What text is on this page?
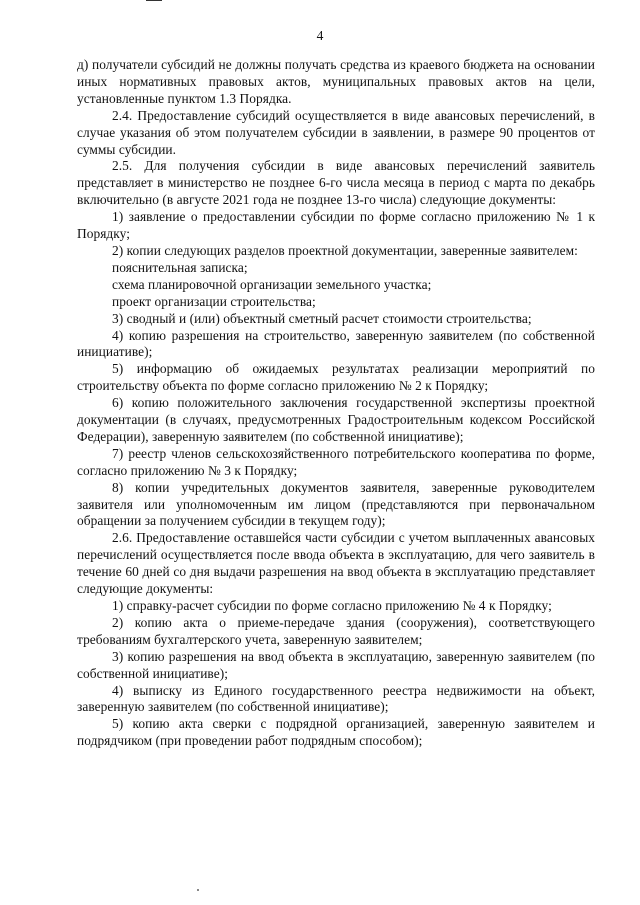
4

д) получатели субсидий не должны получать средства из краевого бюджета на основании иных нормативных правовых актов, муниципальных правовых актов на цели, установленные пунктом 1.3 Порядка.

2.4. Предоставление субсидий осуществляется в виде авансовых перечислений, в случае указания об этом получателем субсидии в заявлении, в размере 90 процентов от суммы субсидии.

2.5. Для получения субсидии в виде авансовых перечислений заявитель представляет в министерство не позднее 6-го числа месяца в период с марта по декабрь включительно (в августе 2021 года не позднее 13-го числа) следующие документы:

1) заявление о предоставлении субсидии по форме согласно приложению № 1 к Порядку;

2) копии следующих разделов проектной документации, заверенные заявителем:

пояснительная записка;

схема планировочной организации земельного участка;

проект организации строительства;

3) сводный и (или) объектный сметный расчет стоимости строительства;

4) копию разрешения на строительство, заверенную заявителем (по собственной инициативе);

5) информацию об ожидаемых результатах реализации мероприятий по строительству объекта по форме согласно приложению № 2 к Порядку;

6) копию положительного заключения государственной экспертизы проектной документации (в случаях, предусмотренных Градостроительным кодексом Российской Федерации), заверенную заявителем (по собственной инициативе);

7) реестр членов сельскохозяйственного потребительского кооператива по форме, согласно приложению № 3 к Порядку;

8) копии учредительных документов заявителя, заверенные руководителем заявителя или уполномоченным им лицом (представляются при первоначальном обращении за получением субсидии в текущем году);

2.6. Предоставление оставшейся части субсидии с учетом выплаченных авансовых перечислений осуществляется после ввода объекта в эксплуатацию, для чего заявитель в течение 60 дней со дня выдачи разрешения на ввод объекта в эксплуатацию представляет следующие документы:

1) справку-расчет субсидии по форме согласно приложению № 4 к Порядку;

2) копию акта о приеме-передаче здания (сооружения), соответствующего требованиям бухгалтерского учета, заверенную заявителем;

3) копию разрешения на ввод объекта в эксплуатацию, заверенную заявителем (по собственной инициативе);

4) выписку из Единого государственного реестра недвижимости на объект, заверенную заявителем (по собственной инициативе);

5) копию акта сверки с подрядной организацией, заверенную заявителем и подрядчиком (при проведении работ подрядным способом);
